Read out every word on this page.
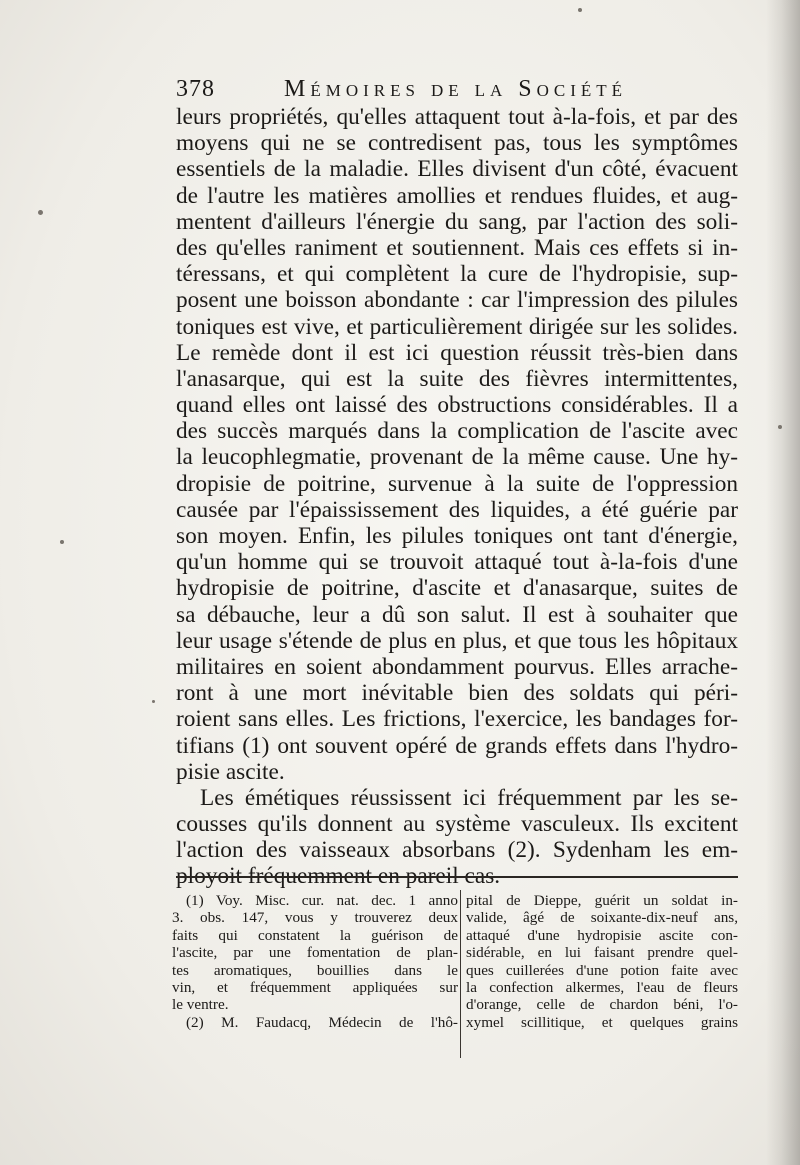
378	Mémoires de la Société
leurs propriétés, qu'elles attaquent tout à-la-fois, et par des
moyens qui ne se contredisent pas, tous les symptômes
essentiels de la maladie. Elles divisent d'un côté, évacuent
de l'autre les matières amollies et rendues fluides, et aug-
mentent d'ailleurs l'énergie du sang, par l'action des soli-
des qu'elles raniment et soutiennent. Mais ces effets si in-
téressans, et qui complètent la cure de l'hydropisie, sup-
posent une boisson abondante : car l'impression des pilules
toniques est vive, et particulièrement dirigée sur les solides.
Le remède dont il est ici question réussit très-bien dans
l'anasarque, qui est la suite des fièvres intermittentes,
quand elles ont laissé des obstructions considérables. Il a
des succès marqués dans la complication de l'ascite avec
la leucophlegmatie, provenant de la même cause. Une hy-
dropisie de poitrine, survenue à la suite de l'oppression
causée par l'épaississement des liquides, a été guérie par
son moyen. Enfin, les pilules toniques ont tant d'énergie,
qu'un homme qui se trouvoit attaqué tout à-la-fois d'une
hydropisie de poitrine, d'ascite et d'anasarque, suites de
sa débauche, leur a dû son salut. Il est à souhaiter que
leur usage s'étende de plus en plus, et que tous les hôpitaux
militaires en soient abondamment pourvus. Elles arrache-
ront à une mort inévitable bien des soldats qui péri-
roient sans elles. Les frictions, l'exercice, les bandages for-
tifians (1) ont souvent opéré de grands effets dans l'hydro-
pisie ascite.
Les émétiques réussissent ici fréquemment par les se-
cousses qu'ils donnent au système vasculeux. Ils excitent
l'action des vaisseaux absorbans (2). Sydenham les em-
ployoit fréquemment en pareil cas.
(1) Voy. Misc. cur. nat. dec. 1 anno
3. obs. 147, vous y trouverez deux
faits qui constatent la guérison de
l'ascite, par une fomentation de plan-
tes aromatiques, bouillies dans le
vin, et fréquemment appliquées sur
le ventre.
(2) M. Faudacq, Médecin de l'hô-
pital de Dieppe, guérit un soldat in-
valide, âgé de soixante-dix-neuf ans,
attaqué d'une hydropisie ascite con-
sidérable, en lui faisant prendre quel-
ques cuillerées d'une potion faite avec
la confection alkermes, l'eau de fleurs
d'orange, celle de chardon béni, l'o-
xymel scillitique, et quelques grains
